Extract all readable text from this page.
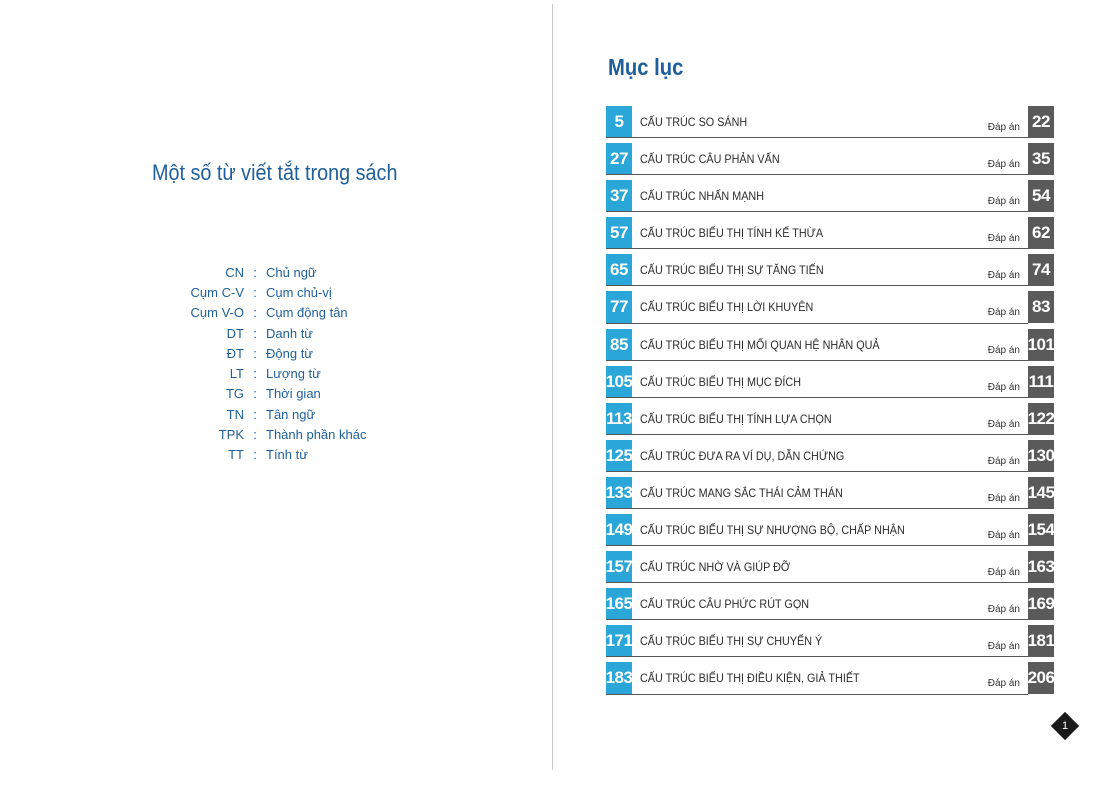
Một số từ viết tắt trong sách
CN : Chủ ngữ
Cụm C-V : Cụm chủ-vị
Cụm V-O : Cụm động tân
DT : Danh từ
ĐT : Động từ
LT : Lượng từ
TG : Thời gian
TN : Tân ngữ
TPK : Thành phần khác
TT : Tính từ
Mục lục
5	CẤU TRÚC SO SÁNH	Đáp án 22
27	CẤU TRÚC CÂU PHẢN VẤN	Đáp án 35
37	CẤU TRÚC NHẤN MẠNH	Đáp án 54
57	CẤU TRÚC BIỂU THỊ TÍNH KẾ THỪA	Đáp án 62
65	CẤU TRÚC BIỂU THỊ SỰ TĂNG TIẾN	Đáp án 74
77	CẤU TRÚC BIỂU THỊ LỜI KHUYÊN	Đáp án 83
85	CẤU TRÚC BIỂU THỊ MỐI QUAN HỆ NHÂN QUẢ	Đáp án 101
105 CẤU TRÚC BIỂU THỊ MỤC ĐÍCH	Đáp án 111
113 CẤU TRÚC BIỂU THỊ TÍNH LỰA CHỌN	Đáp án 122
125 CẤU TRÚC ĐƯA RA VÍ DỤ, DẪN CHỨNG	Đáp án 130
133 CẤU TRÚC MANG SẮC THÁI CẢM THÁN	Đáp án 145
149 CẤU TRÚC BIỂU THỊ SỰ NHƯỢNG BỘ, CHẤP NHẬN	Đáp án 154
157 CẤU TRÚC NHỜ VÀ GIÚP ĐỠ	Đáp án 163
165 CẤU TRÚC CÂU PHỨC RÚT GỌN	Đáp án 169
171 CẤU TRÚC BIỂU THỊ SỰ CHUYỂN Ý	Đáp án 181
183 CẤU TRÚC BIỂU THỊ ĐIỀU KIỆN, GIẢ THIẾT	Đáp án 206
1
